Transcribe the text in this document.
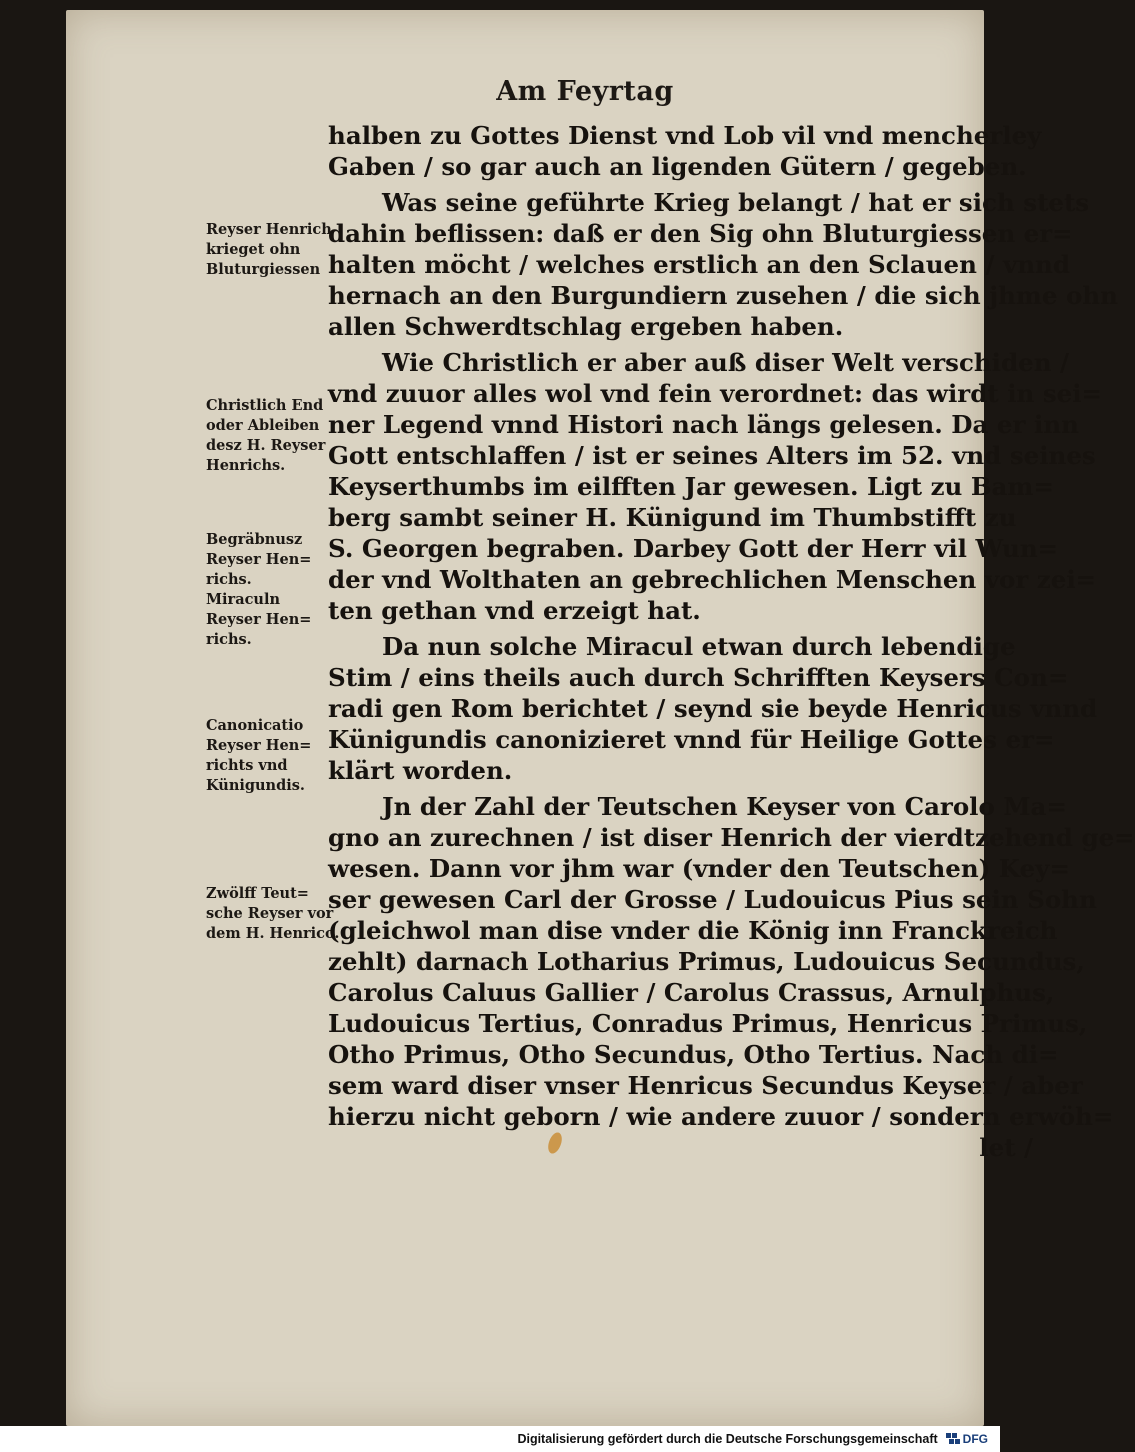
Am Feyrtag
Reyser Henrich
krieget ohn
Bluturgiessen
Christlich End
oder Ableiben
desz H. Reyser
Henrichs.
Begräbnusz
Reyser Hen=
richs.
Miraculn
Reyser Hen=
richs.
Canonicatio
Reyser Hen=
richts vnd
Künigundis.
Zwölff Teut=
sche Reyser vor
dem H. Henrico.

halben zu Gottes Dienst vnd Lob vil vnd mencherley
Gaben / so gar auch an ligenden Gütern / gegeben.

Was seine geführte Krieg belangt / hat er sich stets
dahin beflissen: daß er den Sig ohn Bluturgiessen er=
halten möcht / welches erstlich an den Sclauen / vnnd
hernach an den Burgundiern zusehen / die sich jhme ohn
allen Schwerdtschlag ergeben haben.

Wie Christlich er aber auß diser Welt verschiden /
vnd zuuor alles wol vnd fein verordnet: das wirdt in sei=
ner Legend vnnd Histori nach längs gelesen. Da er inn
Gott entschlaffen / ist er seines Alters im 52. vnd seines
Keyserthumbs im eilfften Jar gewesen. Ligt zu Bam=
berg sambt seiner H. Künigund im Thumbstifft zu
S. Georgen begraben. Darbey Gott der Herr vil Wun=
der vnd Wolthaten an gebrechlichen Menschen vor zei=
ten gethan vnd erzeigt hat.

Da nun solche Miracul etwan durch lebendige
Stim / eins theils auch durch Schrifften Keysers Con=
radi gen Rom berichtet / seynd sie beyde Henricus vnnd
Künigundis canonizieret vnnd für Heilige Gottes er=
klärt worden.

Jn der Zahl der Teutschen Keyser von Carolo Ma=
gno an zurechnen / ist diser Henrich der vierdtzehend ge=
wesen. Dann vor jhm war (vnder den Teutschen) Key=
ser gewesen Carl der Grosse / Ludouicus Pius sein Sohn
(gleichwol man dise vnder die König inn Franckreich
zehlt) darnach Lotharius Primus, Ludouicus Secundus,
Carolus Caluus Gallier / Carolus Crassus, Arnulphus,
Ludouicus Tertius, Conradus Primus, Henricus Primus,
Otho Primus, Otho Secundus, Otho Tertius. Nach di=
sem ward diser vnser Henricus Secundus Keyser / aber
hierzu nicht geborn / wie andere zuuor / sondern erwöh=
let /

Digitalisierung gefördert durch die Deutsche Forschungsgemeinschaft DFG
